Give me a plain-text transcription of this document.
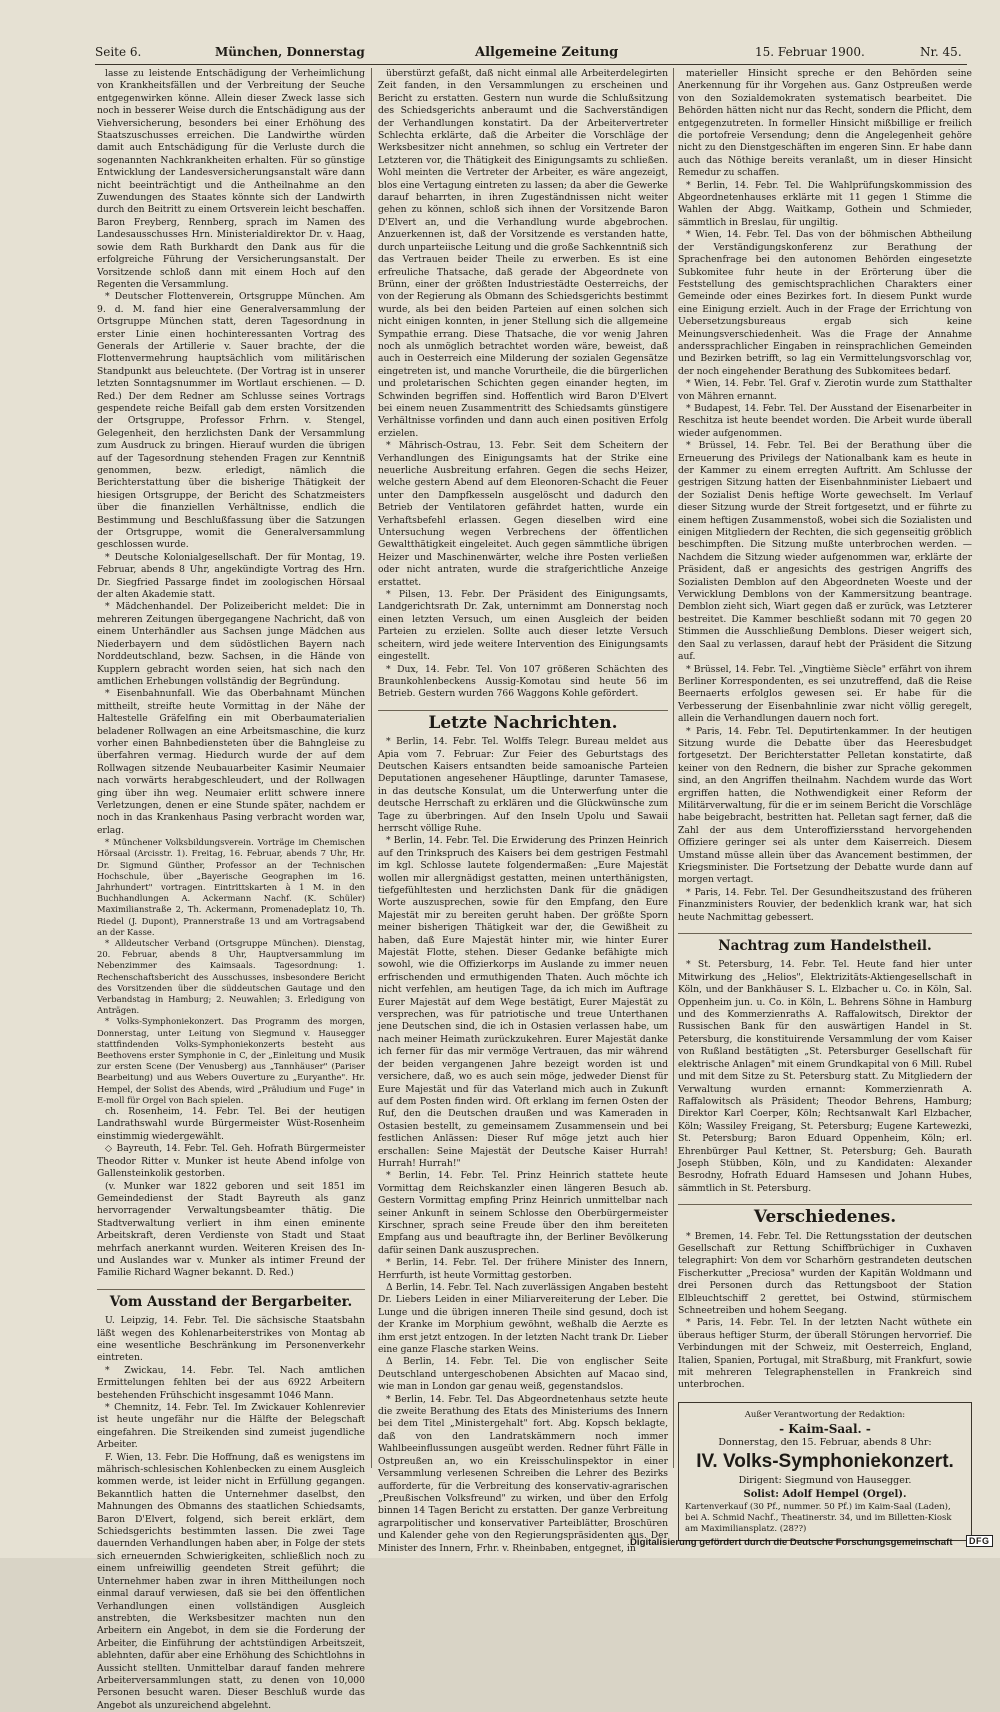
Seite 6.	München, Donnerstag	Allgemeine Zeitung	15. Februar 1900.	Nr. 45.

lasse zu leistende Entschädigung der Verheimlichung von Krankheitsfällen und der Verbreitung der Seuche entgegenwirken könne. Allein dieser Zweck lasse sich noch in besserer Weise durch die Entschädigung aus der Viehversicherung, besonders bei einer Erhöhung des Staatszuschusses erreichen. Die Landwirthe würden damit auch Entschädigung für die Verluste durch die sogenannten Nachkrankheiten erhalten. Für so günstige Entwicklung der Landesversicherungsanstalt wäre dann nicht beeinträchtigt und die Antheilnahme an den Zuwendungen des Staates könnte sich der Landwirth durch den Beitritt zu einem Ortsverein leicht beschaffen. Baron Freyberg, Rennberg, sprach im Namen des Landesausschusses Hrn. Ministerialdirektor Dr. v. Haag, sowie dem Rath Burkhardt den Dank aus für die erfolgreiche Führung der Versicherungsanstalt. Der Vorsitzende schloß dann mit einem Hoch auf den Regenten die Versammlung.

* Deutscher Flottenverein, Ortsgruppe München. Am 9. d. M. fand hier eine Generalversammlung der Ortsgruppe München statt, deren Tagesordnung in erster Linie einen hochinteressanten Vortrag des Generals der Artillerie v. Sauer brachte, der die Flottenvermehrung hauptsächlich vom militärischen Standpunkt aus beleuchtete. (Der Vortrag ist in unserer letzten Sonntagsnummer im Wortlaut erschienen. — D. Red.) Der dem Redner am Schlusse seines Vortrags gespendete reiche Beifall gab dem ersten Vorsitzenden der Ortsgruppe, Professor Frhrn. v. Stengel, Gelegenheit, den herzlichsten Dank der Versammlung zum Ausdruck zu bringen. Hierauf wurden die übrigen auf der Tagesordnung stehenden Fragen zur Kenntniß genommen, bezw. erledigt, nämlich die Berichterstattung über die bisherige Thätigkeit der hiesigen Ortsgruppe, der Bericht des Schatzmeisters über die finanziellen Verhältnisse, endlich die Bestimmung und Beschlußfassung über die Satzungen der Ortsgruppe, womit die Generalversammlung geschlossen wurde.

* Deutsche Kolonialgesellschaft. Der für Montag, 19. Februar, abends 8 Uhr, angekündigte Vortrag des Hrn. Dr. Siegfried Passarge findet im zoologischen Hörsaal der alten Akademie statt.

* Mädchenhandel. Der Polizeibericht meldet: Die in mehreren Zeitungen übergegangene Nachricht, daß von einem Unterhändler aus Sachsen junge Mädchen aus Niederbayern und dem südöstlichen Bayern nach Norddeutschland, bezw. Sachsen, in die Hände von Kupplern gebracht worden seien, hat sich nach den amtlichen Erhebungen vollständig der Begründung.

* Eisenbahnunfall. Wie das Oberbahnamt München mittheilt, streifte heute Vormittag in der Nähe der Haltestelle Gräfelfing ein mit Oberbaumaterialien beladener Rollwagen an eine Arbeitsmaschine, die kurz vorher einen Bahnbediensteten über die Bahngleise zu überfahren vermag. Hiedurch wurde der auf dem Rollwagen sitzende Neubauarbeiter Kasimir Neumaier nach vorwärts herabgeschleudert, und der Rollwagen ging über ihn weg. Neumaier erlitt schwere innere Verletzungen, denen er eine Stunde später, nachdem er noch in das Krankenhaus Pasing verbracht worden war, erlag.

* Münchener Volksbildungsverein. Vorträge im Chemischen Hörsaal (Arcisstr. 1). Freitag, 16. Februar, abends 7 Uhr, Hr. Dr. Sigmund Günther, Professor an der Technischen Hochschule, über „Bayerische Geographen im 16. Jahrhundert" vortragen. Eintrittskarten à 1 M. in den Buchhandlungen A. Ackermann Nachf. (K. Schüler) Maximilianstraße 2, Th. Ackermann, Promenadeplatz 10, Th. Riedel (J. Dupont), Prannerstraße 13 und am Vortragsabend an der Kasse.

* Alldeutscher Verband (Ortsgruppe München). Dienstag, 20. Februar, abends 8 Uhr, Hauptversammlung im Nebenzimmer des Kaimsaals. Tagesordnung: 1. Rechenschaftsbericht des Ausschusses, insbesondere Bericht des Vorsitzenden über die süddeutschen Gautage und den Verbandstag in Hamburg; 2. Neuwahlen; 3. Erledigung von Anträgen.

* Volks-Symphoniekonzert. Das Programm des morgen, Donnerstag, unter Leitung von Siegmund v. Hausegger stattfindenden Volks-Symphoniekonzerts besteht aus Beethovens erster Symphonie in C, der „Einleitung und Musik zur ersten Scene (Der Venusberg) aus „Tannhäuser" (Pariser Bearbeitung) und aus Webers Ouverture zu „Euryanthe". Hr. Hempel, der Solist des Abends, wird „Präludium und Fuge" in E-moll für Orgel von Bach spielen.

ch. Rosenheim, 14. Febr. Tel. Bei der heutigen Landrathswahl wurde Bürgermeister Wüst-Rosenheim einstimmig wiedergewählt.

◇ Bayreuth, 14. Febr. Tel. Geh. Hofrath Bürgermeister Theodor Ritter v. Munker ist heute Abend infolge von Gallensteinkolik gestorben.

(v. Munker war 1822 geboren und seit 1851 im Gemeindedienst der Stadt Bayreuth als ganz hervorragender Verwaltungsbeamter thätig. Die Stadtverwaltung verliert in ihm einen eminente Arbeitskraft, deren Verdienste von Stadt und Staat mehrfach anerkannt wurden. Weiteren Kreisen des In- und Auslandes war v. Munker als intimer Freund der Familie Richard Wagner bekannt. D. Red.)

Vom Ausstand der Bergarbeiter.

U. Leipzig, 14. Febr. Tel. Die sächsische Staatsbahn läßt wegen des Kohlenarbeiterstrikes von Montag ab eine wesentliche Beschränkung im Personenverkehr eintreten.

* Zwickau, 14. Febr. Tel. Nach amtlichen Ermittelungen fehlten bei der aus 6922 Arbeitern bestehenden Frühschicht insgesammt 1046 Mann.

* Chemnitz, 14. Febr. Tel. Im Zwickauer Kohlenrevier ist heute ungefähr nur die Hälfte der Belegschaft eingefahren. Die Streikenden sind zumeist jugendliche Arbeiter.

F. Wien, 13. Febr. Die Hoffnung, daß es wenigstens im mährisch-schlesischen Kohlenbecken zu einem Ausgleich kommen werde, ist leider nicht in Erfüllung gegangen. Bekanntlich hatten die Unternehmer daselbst, den Mahnungen des Obmanns des staatlichen Schiedsamts, Baron D'Elvert, folgend, sich bereit erklärt, dem Schiedsgerichts bestimmten lassen. Die zwei Tage dauernden Verhandlungen haben aber, in Folge der stets sich erneuernden Schwierigkeiten, schließlich noch zu einem unfreiwillig geendeten Streit geführt; die Unternehmer haben zwar in ihren Mittheilungen noch einmal darauf verwiesen, daß sie bei den öffentlichen Verhandlungen einen vollständigen Ausgleich anstrebten, die Werksbesitzer machten nun den Arbeitern ein Angebot, in dem sie die Forderung der Arbeiter, die Einführung der achtstündigen Arbeitszeit, ablehnten, dafür aber eine Erhöhung des Schichtlohns in Aussicht stellten. Unmittelbar darauf fanden mehrere Arbeiterversammlungen statt, zu denen von 10,000 Personen besucht waren. Dieser Beschluß wurde das Angebot als unzureichend abgelehnt.

überstürzt gefaßt, daß nicht einmal alle Arbeiterdelegirten Zeit fanden, in den Versammlungen zu erscheinen und Bericht zu erstatten. Gestern nun wurde die Schlußsitzung des Schiedsgerichts anberaumt und die Sachverständigen der Verhandlungen konstatirt. Da der Arbeitervertreter Schlechta erklärte, daß die Arbeiter die Vorschläge der Werksbesitzer nicht annehmen, so schlug ein Vertreter der Letzteren vor, die Thätigkeit des Einigungsamts zu schließen. Wohl meinten die Vertreter der Arbeiter, es wäre angezeigt, blos eine Vertagung eintreten zu lassen; da aber die Gewerke darauf beharrten, in ihren Zugeständnissen nicht weiter gehen zu können, schloß sich ihnen der Vorsitzende Baron D'Elvert an, und die Verhandlung wurde abgebrochen. Anzuerkennen ist, daß der Vorsitzende es verstanden hatte, durch unparteiische Leitung und die große Sachkenntniß sich das Vertrauen beider Theile zu erwerben. Es ist eine erfreuliche Thatsache, daß gerade der Abgeordnete von Brünn, einer der größten Industriestädte Oesterreichs, der von der Regierung als Obmann des Schiedsgerichts bestimmt wurde, als bei den beiden Parteien auf einen solchen sich nicht einigen konnten, in jener Stellung sich die allgemeine Sympathie errang. Diese Thatsache, die vor wenig Jahren noch als unmöglich betrachtet worden wäre, beweist, daß auch in Oesterreich eine Milderung der sozialen Gegensätze eingetreten ist, und manche Vorurtheile, die die bürgerlichen und proletarischen Schichten gegen einander hegten, im Schwinden begriffen sind. Hoffentlich wird Baron D'Elvert bei einem neuen Zusammentritt des Schiedsamts günstigere Verhältnisse vorfinden und dann auch einen positiven Erfolg erzielen.

* Mährisch-Ostrau, 13. Febr. Seit dem Scheitern der Verhandlungen des Einigungsamts hat der Strike eine neuerliche Ausbreitung erfahren. Gegen die sechs Heizer, welche gestern Abend auf dem Eleonoren-Schacht die Feuer unter den Dampfkesseln ausgelöscht und dadurch den Betrieb der Ventilatoren gefährdet hatten, wurde ein Verhaftsbefehl erlassen. Gegen dieselben wird eine Untersuchung wegen Verbrechens der öffentlichen Gewaltthätigkeit eingeleitet. Auch gegen sämmtliche übrigen Heizer und Maschinenwärter, welche ihre Posten verließen oder nicht antraten, wurde die strafgerichtliche Anzeige erstattet.

* Pilsen, 13. Febr. Der Präsident des Einigungsamts, Landgerichtsrath Dr. Zak, unternimmt am Donnerstag noch einen letzten Versuch, um einen Ausgleich der beiden Parteien zu erzielen. Sollte auch dieser letzte Versuch scheitern, wird jede weitere Intervention des Einigungsamts eingestellt.

* Dux, 14. Febr. Tel. Von 107 größeren Schächten des Braunkohlenbeckens Aussig-Komotau sind heute 56 im Betrieb. Gestern wurden 766 Waggons Kohle gefördert.

Letzte Nachrichten.

* Berlin, 14. Febr. Tel. Wolffs Telegr. Bureau meldet aus Apia vom 7. Februar: Zur Feier des Geburtstags des Deutschen Kaisers entsandten beide samoanische Parteien Deputationen angesehener Häuptlinge, darunter Tamasese, in das deutsche Konsulat, um die Unterwerfung unter die deutsche Herrschaft zu erklären und die Glückwünsche zum Tage zu überbringen. Auf den Inseln Upolu und Sawaii herrscht völlige Ruhe.

* Berlin, 14. Febr. Tel. Die Erwiderung des Prinzen Heinrich auf den Trinkspruch des Kaisers bei dem gestrigen Festmahl im kgl. Schlosse lautete folgendermaßen: „Eure Majestät wollen mir allergnädigst gestatten, meinen unterthänigsten, tiefgefühltesten und herzlichsten Dank für die gnädigen Worte auszusprechen, sowie für den Empfang, den Eure Majestät mir zu bereiten geruht haben. Der größte Sporn meiner bisherigen Thätigkeit war der, die Gewißheit zu haben, daß Eure Majestät hinter mir, wie hinter Eurer Majestät Flotte, stehen. Dieser Gedanke befähigte mich sowohl, wie die Offizierkorps im Auslande zu immer neuen erfrischenden und ermuthigenden Thaten. Auch möchte ich nicht verfehlen, am heutigen Tage, da ich mich im Auftrage Eurer Majestät auf dem Wege bestätigt, Eurer Majestät zu versprechen, was für patriotische und treue Unterthanen jene Deutschen sind, die ich in Ostasien verlassen habe, um nach meiner Heimath zurückzukehren. Eurer Majestät danke ich ferner für das mir vermöge Vertrauen, das mir während der beiden vergangenen Jahre bezeigt worden ist und versichere, daß, wo es auch sein möge, jedweder Dienst für Eure Majestät und für das Vaterland mich auch in Zukunft auf dem Posten finden wird. Oft erklang im fernen Osten der Ruf, den die Deutschen draußen und was Kameraden in Ostasien bestellt, zu gemeinsamem Zusammensein und bei festlichen Anlässen: Dieser Ruf möge jetzt auch hier erschallen: Seine Majestät der Deutsche Kaiser Hurrah! Hurrah! Hurrah!"

* Berlin, 14. Febr. Tel. Prinz Heinrich stattete heute Vormittag dem Reichskanzler einen längeren Besuch ab. Gestern Vormittag empfing Prinz Heinrich unmittelbar nach seiner Ankunft in seinem Schlosse den Oberbürgermeister Kirschner, sprach seine Freude über den ihm bereiteten Empfang aus und beauftragte ihn, der Berliner Bevölkerung dafür seinen Dank auszusprechen.

* Berlin, 14. Febr. Tel. Der frühere Minister des Innern, Herrfurth, ist heute Vormittag gestorben.

Δ Berlin, 14. Febr. Tel. Nach zuverlässigen Angaben besteht Dr. Liebers Leiden in einer Miliarvereiterung der Leber. Die Lunge und die übrigen inneren Theile sind gesund, doch ist der Kranke im Morphium gewöhnt, weßhalb die Aerzte es ihm erst jetzt entzogen. In der letzten Nacht trank Dr. Lieber eine ganze Flasche starken Weins.

Δ Berlin, 14. Febr. Tel. Die von englischer Seite Deutschland untergeschobenen Absichten auf Macao sind, wie man in London gar genau weiß, gegenstandslos.

* Berlin, 14. Febr. Tel. Das Abgeordnetenhaus setzte heute die zweite Berathung des Etats des Ministeriums des Innern bei dem Titel „Ministergehalt" fort. Abg. Kopsch beklagte, daß von den Landratskämmern noch immer Wahlbeeinflussungen ausgeübt werden. Redner führt Fälle in Ostpreußen an, wo ein Kreisschulinspektor in einer Versammlung verlesenen Schreiben die Lehrer des Bezirks aufforderte, für die Verbreitung des konservativ-agrarischen „Preußischen Volksfreund" zu wirken, und über den Erfolg binnen 14 Tagen Bericht zu erstatten. Der ganze Verbreitung agrarpolitischer und konservativer Parteiblätter, Broschüren und Kalender gehe von den Regierungspräsidenten aus. Der Minister des Innern, Frhr. v. Rheinbaben, entgegnet, in

materieller Hinsicht spreche er den Behörden seine Anerkennung für ihr Vorgehen aus. Ganz Ostpreußen werde von den Sozialdemokraten systematisch bearbeitet. Die Behörden hätten nicht nur das Recht, sondern die Pflicht, dem entgegenzutreten. In formeller Hinsicht mißbillige er freilich die portofreie Versendung; denn die Angelegenheit gehöre nicht zu den Dienstgeschäften im engeren Sinn. Er habe dann auch das Nöthige bereits veranlaßt, um in dieser Hinsicht Remedur zu schaffen.

* Berlin, 14. Febr. Tel. Die Wahlprüfungskommission des Abgeordnetenhauses erklärte mit 11 gegen 1 Stimme die Wahlen der Abgg. Waitkamp, Gothein und Schmieder, sämmtlich in Breslau, für ungiltig.

* Wien, 14. Febr. Tel. Das von der böhmischen Abtheilung der Verständigungskonferenz zur Berathung der Sprachenfrage bei den autonomen Behörden eingesetzte Subkomitee fuhr heute in der Erörterung über die Feststellung des gemischtsprachlichen Charakters einer Gemeinde oder eines Bezirkes fort. In diesem Punkt wurde eine Einigung erzielt. Auch in der Frage der Errichtung von Uebersetzungsbureaus ergab sich keine Meinungsverschiedenheit. Was die Frage der Annahme anderssprachlicher Eingaben in reinsprachlichen Gemeinden und Bezirken betrifft, so lag ein Vermittelungsvorschlag vor, der noch eingehender Berathung des Subkomitees bedarf.

* Wien, 14. Febr. Tel. Graf v. Zierotin wurde zum Statthalter von Mähren ernannt.

* Budapest, 14. Febr. Tel. Der Ausstand der Eisenarbeiter in Reschitza ist heute beendet worden. Die Arbeit wurde überall wieder aufgenommen.

* Brüssel, 14. Febr. Tel. Bei der Berathung über die Erneuerung des Privilegs der Nationalbank kam es heute in der Kammer zu einem erregten Auftritt. Am Schlusse der gestrigen Sitzung hatten der Eisenbahnminister Liebaert und der Sozialist Denis heftige Worte gewechselt. Im Verlauf dieser Sitzung wurde der Streit fortgesetzt, und er führte zu einem heftigen Zusammenstoß, wobei sich die Sozialisten und einigen Mitgliedern der Rechten, die sich gegenseitig gröblich beschimpften. Die Sitzung mußte unterbrochen werden. — Nachdem die Sitzung wieder aufgenommen war, erklärte der Präsident, daß er angesichts des gestrigen Angriffs des Sozialisten Demblon auf den Abgeordneten Woeste und der Verwicklung Demblons von der Kammersitzung beantrage. Demblon zieht sich, Wiart gegen daß er zurück, was Letzterer bestreitet. Die Kammer beschließt sodann mit 70 gegen 20 Stimmen die Ausschließung Demblons. Dieser weigert sich, den Saal zu verlassen, darauf hebt der Präsident die Sitzung auf.

* Brüssel, 14. Febr. Tel. „Vingtième Siècle" erfährt von ihrem Berliner Korrespondenten, es sei unzutreffend, daß die Reise Beernaerts erfolglos gewesen sei. Er habe für die Verbesserung der Eisenbahnlinie zwar nicht völlig geregelt, allein die Verhandlungen dauern noch fort.

* Paris, 14. Febr. Tel. Deputirtenkammer. In der heutigen Sitzung wurde die Debatte über das Heeresbudget fortgesetzt. Der Berichterstatter Pelletan konstatirte, daß keiner von den Rednern, die bisher zur Sprache gekommen sind, an den Angriffen theilnahm. Nachdem wurde das Wort ergriffen hatten, die Nothwendigkeit einer Reform der Militärverwaltung, für die er im seinem Bericht die Vorschläge habe beigebracht, bestritten hat. Pelletan sagt ferner, daß die Zahl der aus dem Unteroffiziersstand hervorgehenden Offiziere geringer sei als unter dem Kaiserreich. Diesem Umstand müsse allein über das Avancement bestimmen, der Kriegsminister. Die Fortsetzung der Debatte wurde dann auf morgen vertagt.

* Paris, 14. Febr. Tel. Der Gesundheitszustand des früheren Finanzministers Rouvier, der bedenklich krank war, hat sich heute Nachmittag gebessert.

Nachtrag zum Handelstheil.

* St. Petersburg, 14. Febr. Tel. Heute fand hier unter Mitwirkung des „Helios", Elektrizitäts-Aktiengesellschaft in Köln, und der Bankhäuser S. L. Elzbacher u. Co. in Köln, Sal. Oppenheim jun. u. Co. in Köln, L. Behrens Söhne in Hamburg und des Kommerzienraths A. Raffalowitsch, Direktor der Russischen Bank für den auswärtigen Handel in St. Petersburg, die konstituirende Versammlung der vom Kaiser von Rußland bestätigten „St. Petersburger Gesellschaft für elektrische Anlagen" mit einem Grundkapital von 6 Mill. Rubel und mit dem Sitze zu St. Petersburg statt. Zu Mitgliedern der Verwaltung wurden ernannt: Kommerzienrath A. Raffalowitsch als Präsident; Theodor Behrens, Hamburg; Direktor Karl Coerper, Köln; Rechtsanwalt Karl Elzbacher, Köln; Wassiley Freigang, St. Petersburg; Eugene Kartewezki, St. Petersburg; Baron Eduard Oppenheim, Köln; erl. Ehrenbürger Paul Kettner, St. Petersburg; Geh. Baurath Joseph Stübben, Köln, und zu Kandidaten: Alexander Besrodny, Hofrath Eduard Hamsesen und Johann Hubes, sämmtlich in St. Petersburg.

Verschiedenes.

* Bremen, 14. Febr. Tel. Die Rettungsstation der deutschen Gesellschaft zur Rettung Schiffbrüchiger in Cuxhaven telegraphirt: Von dem vor Scharhörn gestrandeten deutschen Fischerkutter „Preciosa" wurden der Kapitän Woldmann und drei Personen durch das Rettungsboot der Station Elbleuchtschiff 2 gerettet, bei Ostwind, stürmischem Schneetreiben und hohem Seegang.

* Paris, 14. Febr. Tel. In der letzten Nacht wüthete ein überaus heftiger Sturm, der überall Störungen hervorrief. Die Verbindungen mit der Schweiz, mit Oesterreich, England, Italien, Spanien, Portugal, mit Straßburg, mit Frankfurt, sowie mit mehreren Telegraphenstellen in Frankreich sind unterbrochen.

Außer Verantwortung der Redaktion:
- Kaim-Saal. -
Donnerstag, den 15. Februar, abends 8 Uhr:
IV. Volks-Symphoniekonzert.
Dirigent: Siegmund von Hausegger.
Solist: Adolf Hempel (Orgel).
Kartenverkauf (30 Pf., nummer. 50 Pf.) im Kaim-Saal (Laden), bei A. Schmid Nachf., Theatinerstr. 34, und im Billetten-Kiosk am Maximiliansplatz. (28??)
Digitalisierung gefördert durch die Deutsche Forschungsgemeinschaft	DFG
